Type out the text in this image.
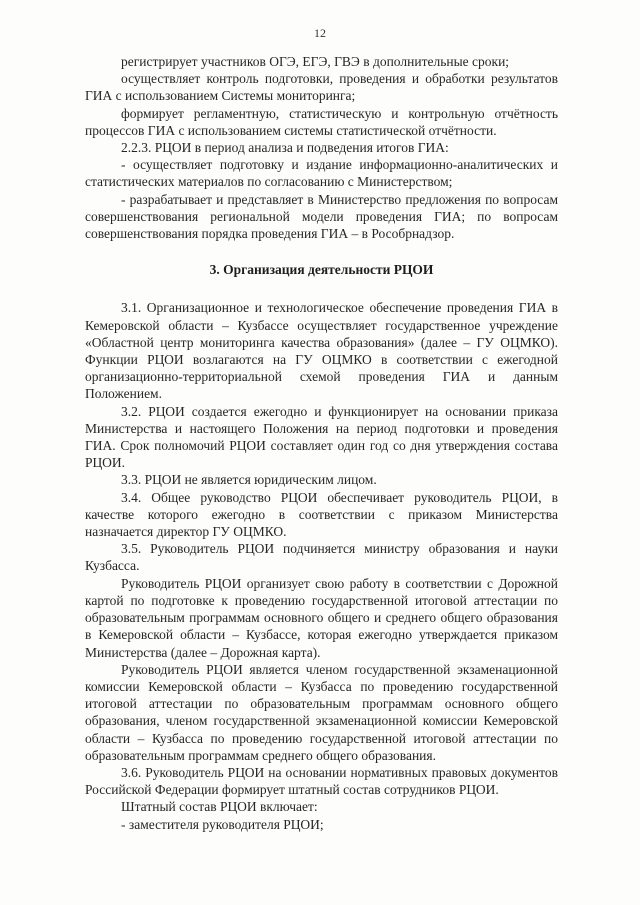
12

регистрирует участников ОГЭ, ЕГЭ, ГВЭ в дополнительные сроки;

осуществляет контроль подготовки, проведения и обработки результатов ГИА с использованием Системы мониторинга;

формирует регламентную, статистическую и контрольную отчётность процессов ГИА с использованием системы статистической отчётности.

2.2.3. РЦОИ в период анализа и подведения итогов ГИА:

- осуществляет подготовку и издание информационно-аналитических и статистических материалов по согласованию с Министерством;

- разрабатывает и представляет в Министерство предложения по вопросам совершенствования региональной модели проведения ГИА; по вопросам совершенствования порядка проведения ГИА – в Рособрнадзор.

3. Организация деятельности РЦОИ

3.1. Организационное и технологическое обеспечение проведения ГИА в Кемеровской области – Кузбассе осуществляет государственное учреждение «Областной центр мониторинга качества образования» (далее – ГУ ОЦМКО). Функции РЦОИ возлагаются на ГУ ОЦМКО в соответствии с ежегодной организационно-территориальной схемой проведения ГИА и данным Положением.

3.2. РЦОИ создается ежегодно и функционирует на основании приказа Министерства и настоящего Положения на период подготовки и проведения ГИА. Срок полномочий РЦОИ составляет один год со дня утверждения состава РЦОИ.

3.3. РЦОИ не является юридическим лицом.

3.4. Общее руководство РЦОИ обеспечивает руководитель РЦОИ, в качестве которого ежегодно в соответствии с приказом Министерства назначается директор ГУ ОЦМКО.

3.5. Руководитель РЦОИ подчиняется министру образования и науки Кузбасса.

Руководитель РЦОИ организует свою работу в соответствии с Дорожной картой по подготовке к проведению государственной итоговой аттестации по образовательным программам основного общего и среднего общего образования в Кемеровской области – Кузбассе, которая ежегодно утверждается приказом Министерства (далее – Дорожная карта).

Руководитель РЦОИ является членом государственной экзаменационной комиссии Кемеровской области – Кузбасса по проведению государственной итоговой аттестации по образовательным программам основного общего образования, членом государственной экзаменационной комиссии Кемеровской области – Кузбасса по проведению государственной итоговой аттестации по образовательным программам среднего общего образования.

3.6. Руководитель РЦОИ на основании нормативных правовых документов Российской Федерации формирует штатный состав сотрудников РЦОИ.

Штатный состав РЦОИ включает:

- заместителя руководителя РЦОИ;
